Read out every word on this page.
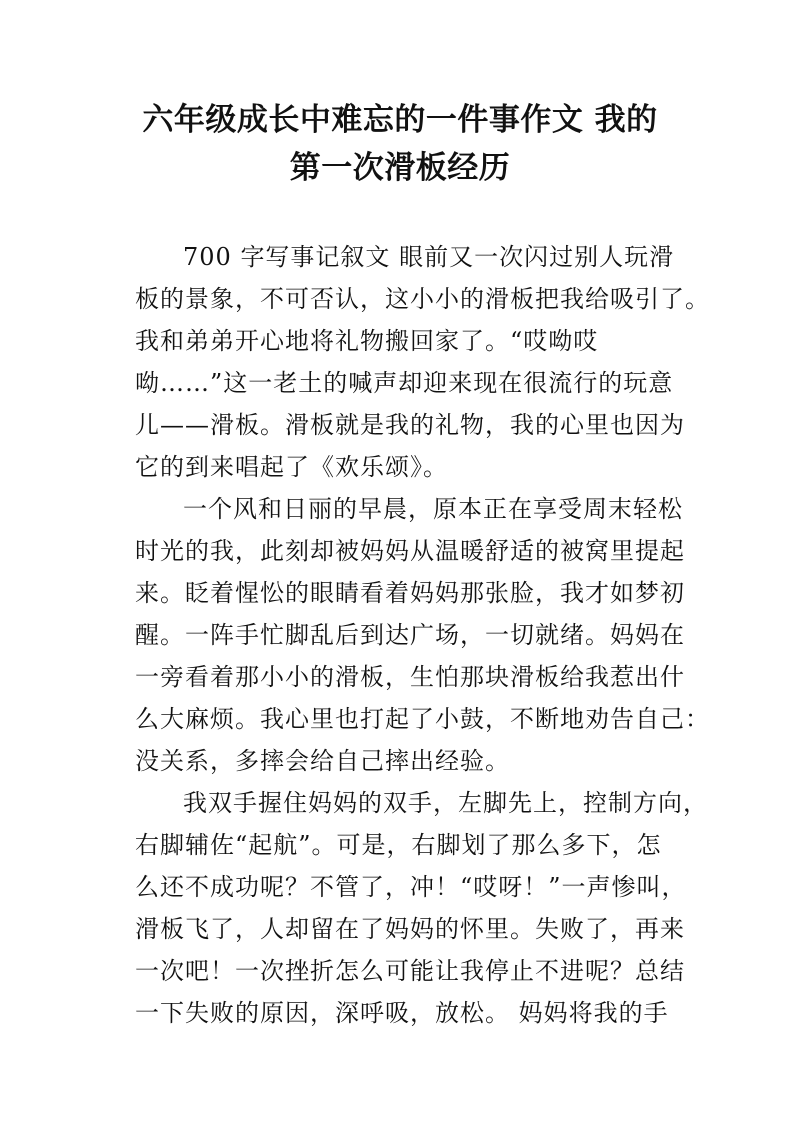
六年级成长中难忘的一件事作文 我的
第一次滑板经历
700 字写事记叙文 眼前又一次闪过别人玩滑
板的景象，不可否认，这小小的滑板把我给吸引了。
我和弟弟开心地将礼物搬回家了。“哎呦哎
呦……”这一老土的喊声却迎来现在很流行的玩意
儿——滑板。滑板就是我的礼物，我的心里也因为
它的到来唱起了《欢乐颂》。
一个风和日丽的早晨，原本正在享受周末轻松
时光的我，此刻却被妈妈从温暖舒适的被窝里提起
来。眨着惺忪的眼睛看着妈妈那张脸，我才如梦初
醒。一阵手忙脚乱后到达广场，一切就绪。妈妈在
一旁看着那小小的滑板，生怕那块滑板给我惹出什
么大麻烦。我心里也打起了小鼓，不断地劝告自己：
没关系，多摔会给自己摔出经验。
我双手握住妈妈的双手，左脚先上，控制方向，
右脚辅佐“起航”。可是，右脚划了那么多下，怎
么还不成功呢？不管了，冲！“哎呀！”一声惨叫，
滑板飞了，人却留在了妈妈的怀里。失败了，再来
一次吧！一次挫折怎么可能让我停止不进呢？总结
一下失败的原因，深呼吸，放松。 妈妈将我的手
